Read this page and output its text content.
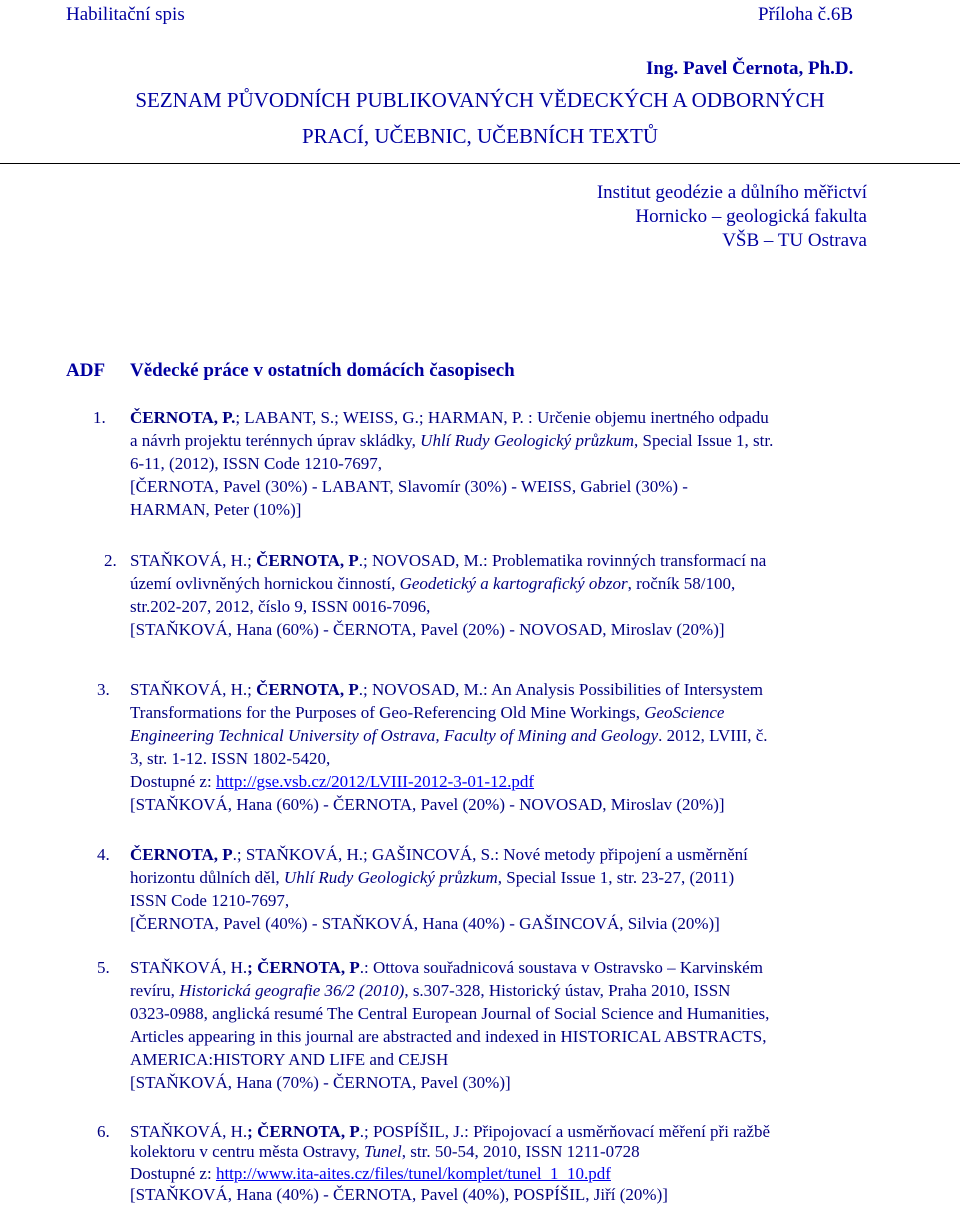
Habilitační spis	Příloha č.6B
Ing. Pavel Černota, Ph.D.
SEZNAM PŮVODNÍCH PUBLIKOVANÝCH VĚDECKÝCH A ODBORNÝCH
PRACÍ, UČEBNIC, UČEBNÍCH TEXTŮ
Institut geodézie a důlního měřictví
Hornicko – geologická fakulta
VŠB – TU Ostrava
ADF Vědecké práce v ostatních domácích časopisech
1. ČERNOTA, P.; LABANT, S.; WEISS, G.; HARMAN, P. : Určenie objemu inertného odpadu
a návrh projektu terénnych úprav skládky, Uhlí Rudy Geologický průzkum, Special Issue 1, str.
6-11, (2012), ISSN Code 1210-7697,
[ČERNOTA, Pavel (30%) - LABANT, Slavomír (30%) - WEISS, Gabriel (30%) -
HARMAN, Peter (10%)]
2. STAŇKOVÁ, H.; ČERNOTA, P.; NOVOSAD, M.: Problematika rovinných transformací na
území ovlivněných hornickou činností, Geodetický a kartografický obzor, ročník 58/100,
str.202-207, 2012, číslo 9, ISSN 0016-7096,
[STAŇKOVÁ, Hana (60%) - ČERNOTA, Pavel (20%) - NOVOSAD, Miroslav (20%)]
3. STAŇKOVÁ, H.; ČERNOTA, P.; NOVOSAD, M.: An Analysis Possibilities of Intersystem
Transformations for the Purposes of Geo-Referencing Old Mine Workings, GeoScience
Engineering Technical University of Ostrava, Faculty of Mining and Geology. 2012, LVIII, č.
3, str. 1-12. ISSN 1802-5420,
Dostupné z: http://gse.vsb.cz/2012/LVIII-2012-3-01-12.pdf
[STAŇKOVÁ, Hana (60%) - ČERNOTA, Pavel (20%) - NOVOSAD, Miroslav (20%)]
4. ČERNOTA, P.; STAŇKOVÁ, H.; GAŠINCOVÁ, S.: Nové metody připojení a usměrnění
horizontu důlních děl, Uhlí Rudy Geologický průzkum, Special Issue 1, str. 23-27, (2011)
ISSN Code 1210-7697,
[ČERNOTA, Pavel (40%) - STAŇKOVÁ, Hana (40%) - GAŠINCOVÁ, Silvia (20%)]
5. STAŇKOVÁ, H.; ČERNOTA, P.: Ottova souřadnicová soustava v Ostravsko – Karvinském
revíru, Historická geografie 36/2 (2010), s.307-328, Historický ústav, Praha 2010, ISSN
0323-0988, anglická resumé The Central European Journal of Social Science and Humanities,
Articles appearing in this journal are abstracted and indexed in HISTORICAL ABSTRACTS,
AMERICA:HISTORY AND LIFE and CEJSH
[STAŇKOVÁ, Hana (70%) - ČERNOTA, Pavel (30%)]
6. STAŇKOVÁ, H.; ČERNOTA, P.; POSPÍŠIL, J.: Připojovací a usměrňovací měření při ražbě
kolektoru v centru města Ostravy, Tunel, str. 50-54, 2010, ISSN 1211-0728
Dostupné z: http://www.ita-aites.cz/files/tunel/komplet/tunel_1_10.pdf
[STAŇKOVÁ, Hana (40%) - ČERNOTA, Pavel (40%), POSPÍŠIL, Jiří (20%)]
